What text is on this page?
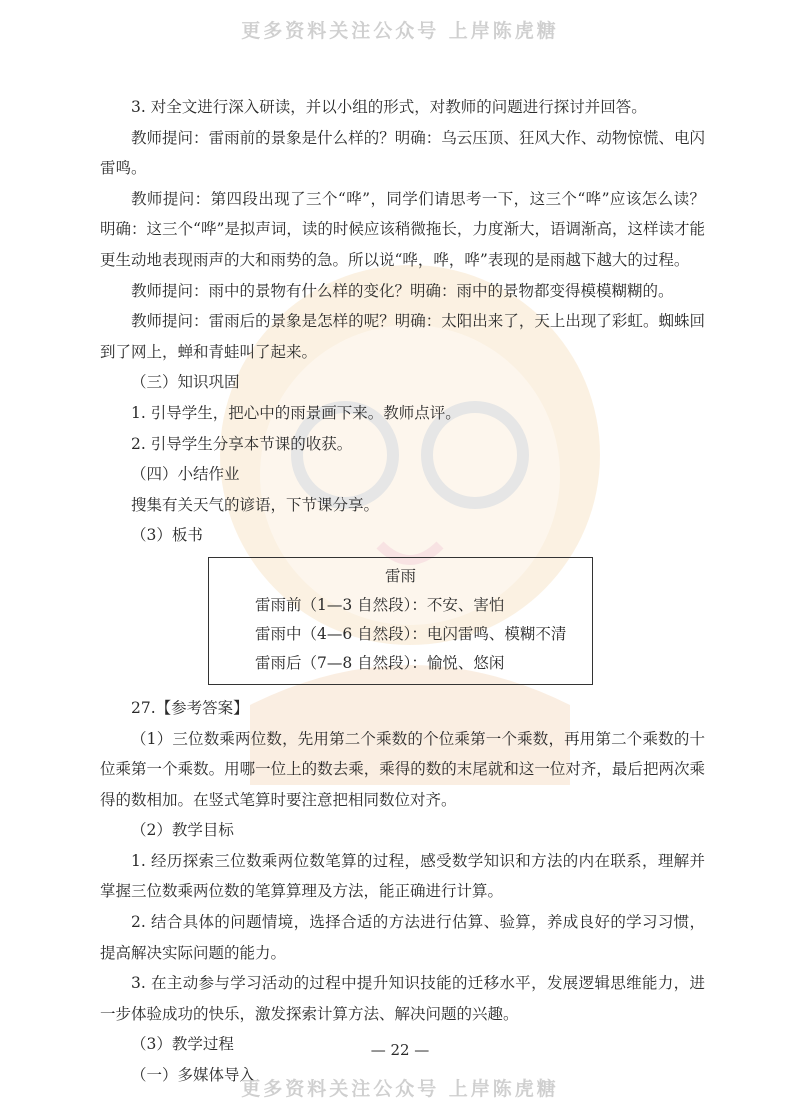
更多资料关注公众号 上岸陈虎糖

3. 对全文进行深入研读，并以小组的形式，对教师的问题进行探讨并回答。

教师提问：雷雨前的景象是什么样的？明确：乌云压顶、狂风大作、动物惊慌、电闪雷鸣。

教师提问：第四段出现了三个“哗”，同学们请思考一下，这三个“哗”应该怎么读？明确：这三个“哗”是拟声词，读的时候应该稍微拖长，力度渐大，语调渐高，这样读才能更生动地表现雨声的大和雨势的急。所以说“哗，哗，哗”表现的是雨越下越大的过程。

教师提问：雨中的景物有什么样的变化？明确：雨中的景物都变得模模糊糊的。

教师提问：雷雨后的景象是怎样的呢？明确：太阳出来了，天上出现了彩虹。蜘蛛回到了网上，蝉和青蛙叫了起来。

（三）知识巩固

1. 引导学生，把心中的雨景画下来。教师点评。

2. 引导学生分享本节课的收获。

（四）小结作业

搜集有关天气的谚语，下节课分享。

（3）板书

雷雨
雷雨前（1—3 自然段）：不安、害怕
雷雨中（4—6 自然段）：电闪雷鸣、模糊不清
雷雨后（7—8 自然段）：愉悦、悠闲

27.【参考答案】

（1）三位数乘两位数，先用第二个乘数的个位乘第一个乘数，再用第二个乘数的十位乘第一个乘数。用哪一位上的数去乘，乘得的数的末尾就和这一位对齐，最后把两次乘得的数相加。在竖式笔算时要注意把相同数位对齐。

（2）教学目标

1. 经历探索三位数乘两位数笔算的过程，感受数学知识和方法的内在联系，理解并掌握三位数乘两位数的笔算算理及方法，能正确进行计算。

2. 结合具体的问题情境，选择合适的方法进行估算、验算，养成良好的学习习惯，提高解决实际问题的能力。

3. 在主动参与学习活动的过程中提升知识技能的迁移水平，发展逻辑思维能力，进一步体验成功的快乐，激发探索计算方法、解决问题的兴趣。

（3）教学过程

（一）多媒体导入

— 22 —
更多资料关注公众号 上岸陈虎糖
